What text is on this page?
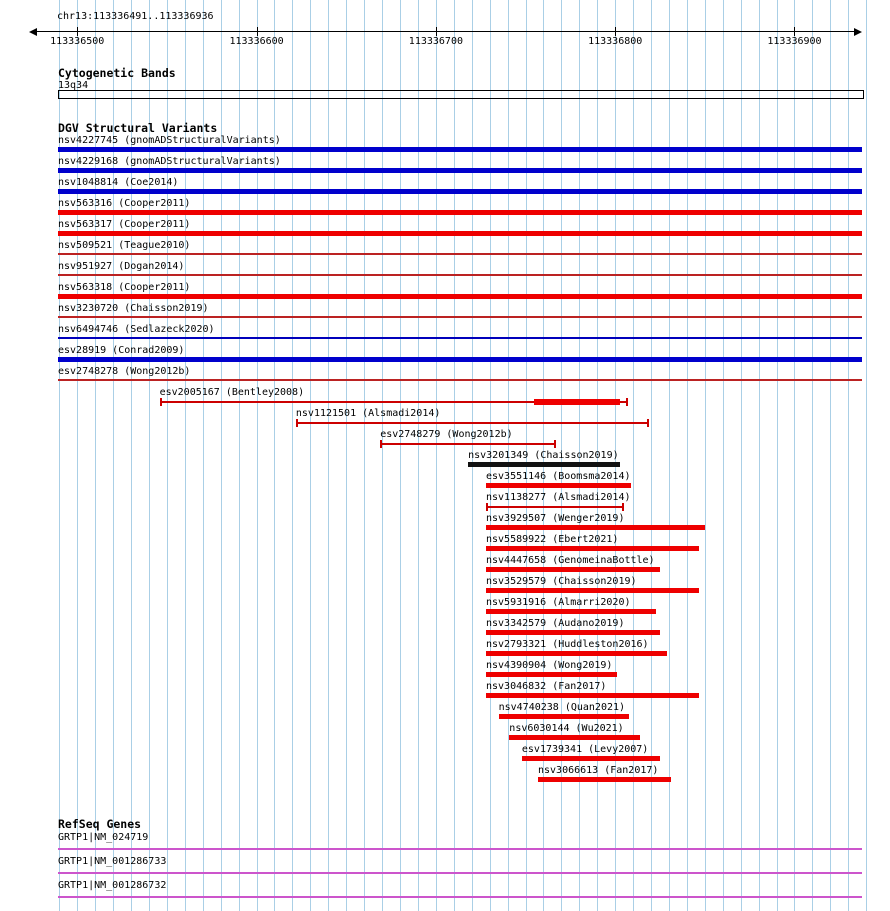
chr13:113336491..113336936
113336500	113336600	113336700	113336800	113336900
Cytogenetic Bands
13q34
DGV Structural Variants
nsv4227745 (gnomADStructuralVariants)
nsv4229168 (gnomADStructuralVariants)
nsv1048814 (Coe2014)
nsv563316 (Cooper2011)
nsv563317 (Cooper2011)
nsv509521 (Teague2010)
nsv951927 (Dogan2014)
nsv563318 (Cooper2011)
nsv3230720 (Chaisson2019)
nsv6494746 (Sedlazeck2020)
esv28919 (Conrad2009)
esv2748278 (Wong2012b)
esv2005167 (Bentley2008)
nsv1121501 (Alsmadi2014)
esv2748279 (Wong2012b)
nsv3201349 (Chaisson2019)
esv3551146 (Boomsma2014)
nsv1138277 (Alsmadi2014)
nsv3929507 (Wenger2019)
nsv5589922 (Ebert2021)
nsv4447658 (GenomeinaBottle)
nsv3529579 (Chaisson2019)
nsv5931916 (Almarri2020)
nsv3342579 (Audano2019)
nsv2793321 (Huddleston2016)
nsv4390904 (Wong2019)
nsv3046832 (Fan2017)
nsv4740238 (Quan2021)
nsv6030144 (Wu2021)
esv1739341 (Levy2007)
nsv3066613 (Fan2017)
RefSeq Genes
GRTP1|NM_024719
GRTP1|NM_001286733
GRTP1|NM_001286732
